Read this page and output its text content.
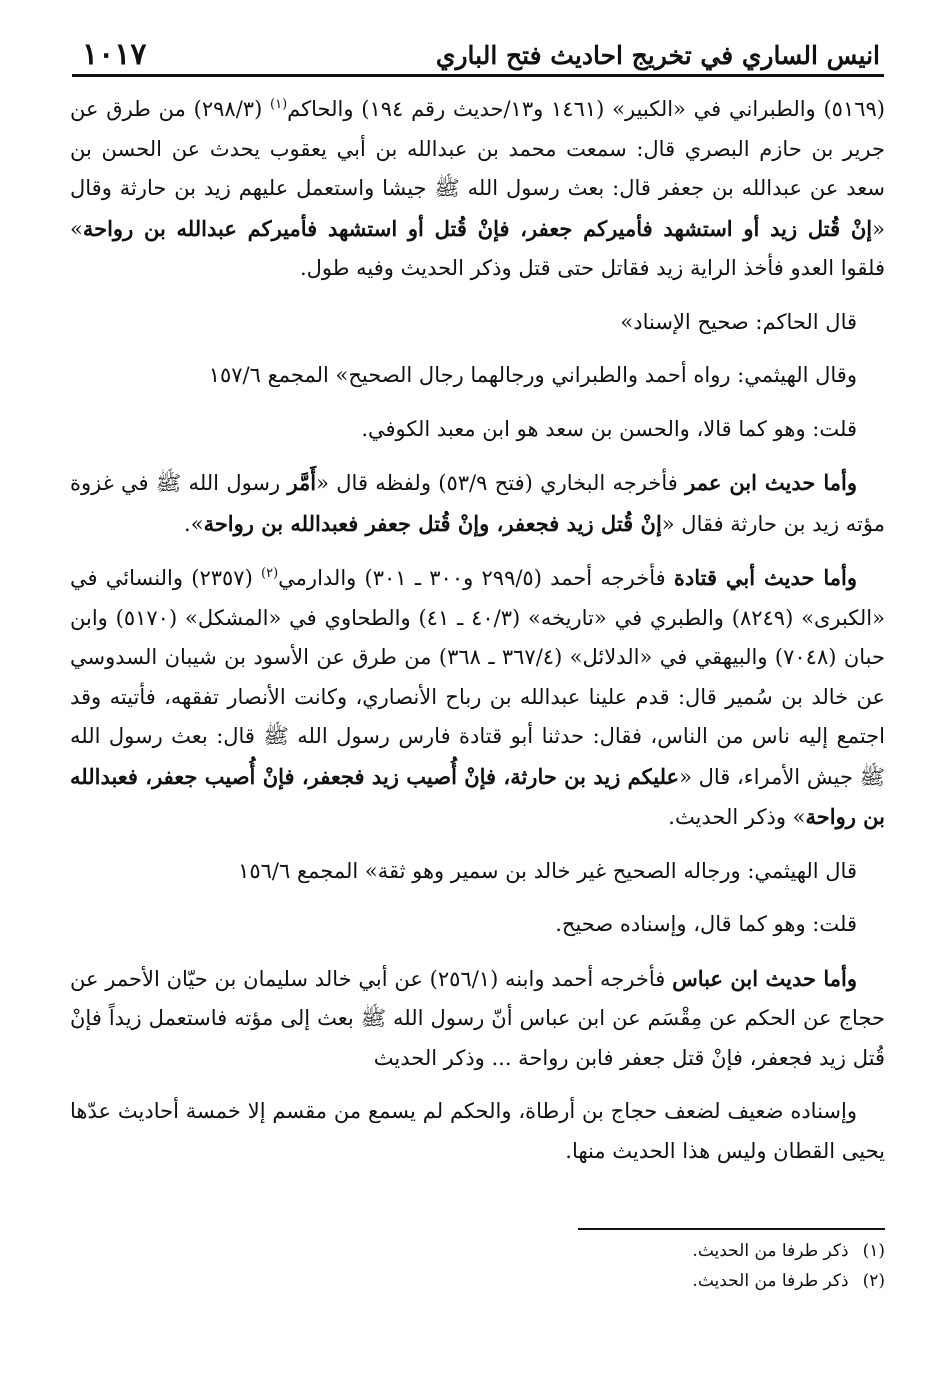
١٠١٧	انيس الساري في تخريج احاديث فتح الباري

(٥١٦٩) والطبراني في «الكبير» (١٤٦١ و١٣/حديث رقم ١٩٤) والحاكم$^{(١)}$ (٢٩٨/٣) من طرق عن جرير بن حازم البصري قال: سمعت محمد بن عبدالله بن أبي يعقوب يحدث عن الحسن بن سعد عن عبدالله بن جعفر قال: بعث رسول الله ﷺ جيشا واستعمل عليهم زيد بن حارثة وقال «إنْ قُتل زيد أو استشهد فأميركم جعفر، فإنْ قُتل أو استشهد فأميركم عبدالله بن رواحة» فلقوا العدو فأخذ الراية زيد فقاتل حتى قتل وذكر الحديث وفيه طول.

قال الحاكم: صحيح الإسناد»

وقال الهيثمي: رواه أحمد والطبراني ورجالهما رجال الصحيح» المجمع ١٥٧/٦

قلت: وهو كما قالا، والحسن بن سعد هو ابن معبد الكوفي.

وأما حديث ابن عمر فأخرجه البخاري (فتح ٥٣/٩) ولفظه قال «أَمَّر رسول الله ﷺ في غزوة مؤته زيد بن حارثة فقال «إنْ قُتل زيد فجعفر، وإنْ قُتل جعفر فعبدالله بن رواحة».

وأما حديث أبي قتادة فأخرجه أحمد (٢٩٩/٥ و٣٠٠ ـ ٣٠١) والدارمي$^{(٢)}$ (٢٣٥٧) والنسائي في «الكبرى» (٨٢٤٩) والطبري في «تاريخه» (٤٠/٣ ـ ٤١) والطحاوي في «المشكل» (٥١٧٠) وابن حبان (٧٠٤٨) والبيهقي في «الدلائل» (٣٦٧/٤ ـ ٣٦٨) من طرق عن الأسود بن شيبان السدوسي عن خالد بن سُمير قال: قدم علينا عبدالله بن رباح الأنصاري، وكانت الأنصار تفقهه، فأتيته وقد اجتمع إليه ناس من الناس، فقال: حدثنا أبو قتادة فارس رسول الله ﷺ قال: بعث رسول الله ﷺ جيش الأمراء، قال «عليكم زيد بن حارثة، فإنْ أُصيب زيد فجعفر، فإنْ أُصيب جعفر، فعبدالله بن رواحة» وذكر الحديث.

قال الهيثمي: ورجاله الصحيح غير خالد بن سمير وهو ثقة» المجمع ١٥٦/٦

قلت: وهو كما قال، وإسناده صحيح.

وأما حديث ابن عباس فأخرجه أحمد وابنه (٢٥٦/١) عن أبي خالد سليمان بن حيّان الأحمر عن حجاج عن الحكم عن مِقْسَم عن ابن عباس أنّ رسول الله ﷺ بعث إلى مؤته فاستعمل زيداً فإنْ قُتل زيد فجعفر، فإنْ قتل جعفر فابن رواحة ... وذكر الحديث

وإسناده ضعيف لضعف حجاج بن أرطاة، والحكم لم يسمع من مقسم إلا خمسة أحاديث عدّها يحيى القطان وليس هذا الحديث منها.

(١)ذكر طرفا من الحديث.

(٢)ذكر طرفا من الحديث.
